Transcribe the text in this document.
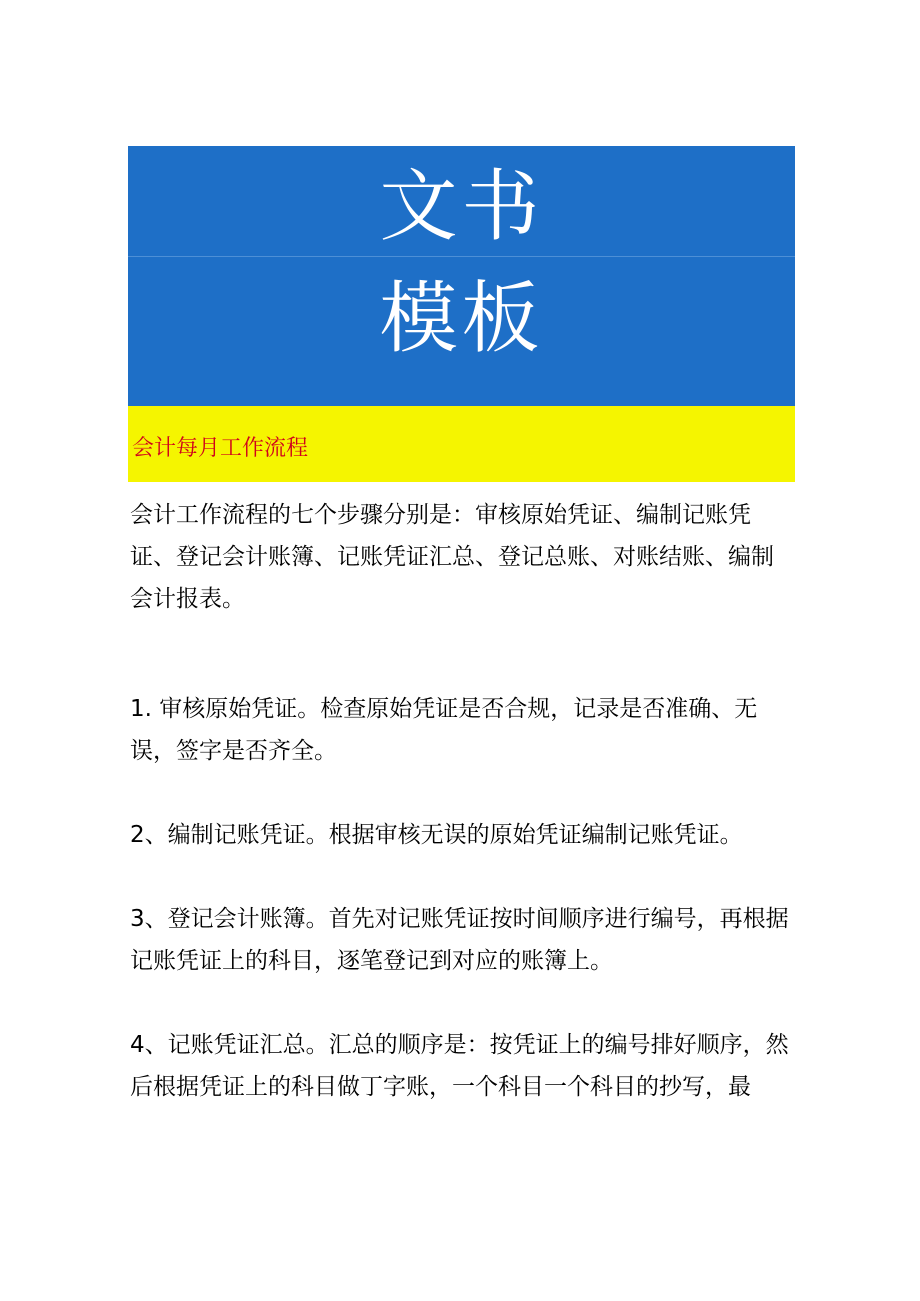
文书
模板
会计每月工作流程

会计工作流程的七个步骤分别是：审核原始凭证、编制记账凭证、登记会计账簿、记账凭证汇总、登记总账、对账结账、编制会计报表。

1. 审核原始凭证。检查原始凭证是否合规，记录是否准确、无误，签字是否齐全。

2、编制记账凭证。根据审核无误的原始凭证编制记账凭证。

3、登记会计账簿。首先对记账凭证按时间顺序进行编号，再根据记账凭证上的科目，逐笔登记到对应的账簿上。

4、记账凭证汇总。汇总的顺序是：按凭证上的编号排好顺序，然后根据凭证上的科目做丁字账，一个科目一个科目的抄写，最
